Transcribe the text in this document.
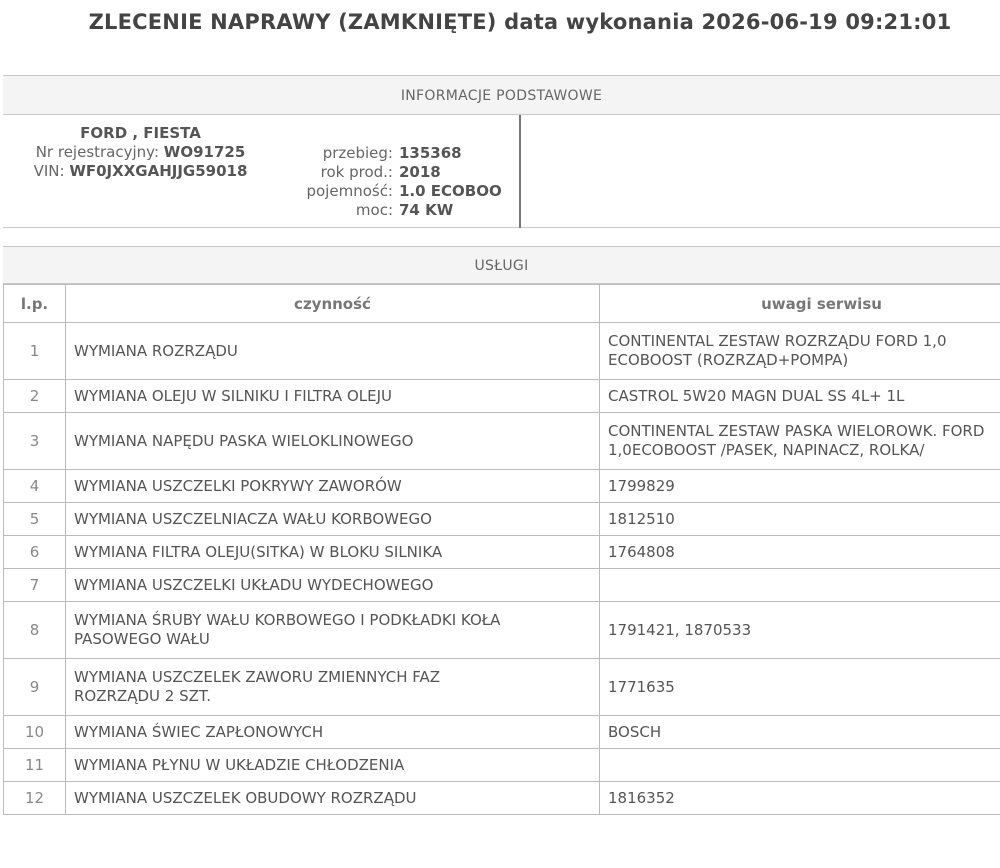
ZLECENIE NAPRAWY (ZAMKNIĘTE) data wykonania 2026-06-19 09:21:01
INFORMACJE PODSTAWOWE
FORD , FIESTA
Nr rejestracyjny: WO91725
VIN: WF0JXXGAHJJG59018
przebieg: 135368
rok prod.: 2018
pojemność: 1.0 ECOBOO
moc: 74 KW
USŁUGI
l.p.	czynność	uwagi serwisu
1	WYMIANA ROZRZĄDU	CONTINENTAL ZESTAW ROZRZĄDU FORD 1,0
ECOBOOST (ROZRZĄD+POMPA)
2	WYMIANA OLEJU W SILNIKU I FILTRA OLEJU	CASTROL 5W20 MAGN DUAL SS 4L+ 1L
3	WYMIANA NAPĘDU PASKA WIELOKLINOWEGO	CONTINENTAL ZESTAW PASKA WIELOROWK. FORD
1,0ECOBOOST /PASEK, NAPINACZ, ROLKA/
4	WYMIANA USZCZELKI POKRYWY ZAWORÓW	1799829
5	WYMIANA USZCZELNIACZA WAŁU KORBOWEGO	1812510
6	WYMIANA FILTRA OLEJU(SITKA) W BLOKU SILNIKA	1764808
7	WYMIANA USZCZELKI UKŁADU WYDECHOWEGO	
8	WYMIANA ŚRUBY WAŁU KORBOWEGO I PODKŁADKI KOŁA
PASOWEGO WAŁU	1791421, 1870533
9	WYMIANA USZCZELEK ZAWORU ZMIENNYCH FAZ
ROZRZĄDU 2 SZT.	1771635
10	WYMIANA ŚWIEC ZAPŁONOWYCH	BOSCH
11	WYMIANA PŁYNU W UKŁADZIE CHŁODZENIA	
12	WYMIANA USZCZELEK OBUDOWY ROZRZĄDU	1816352
